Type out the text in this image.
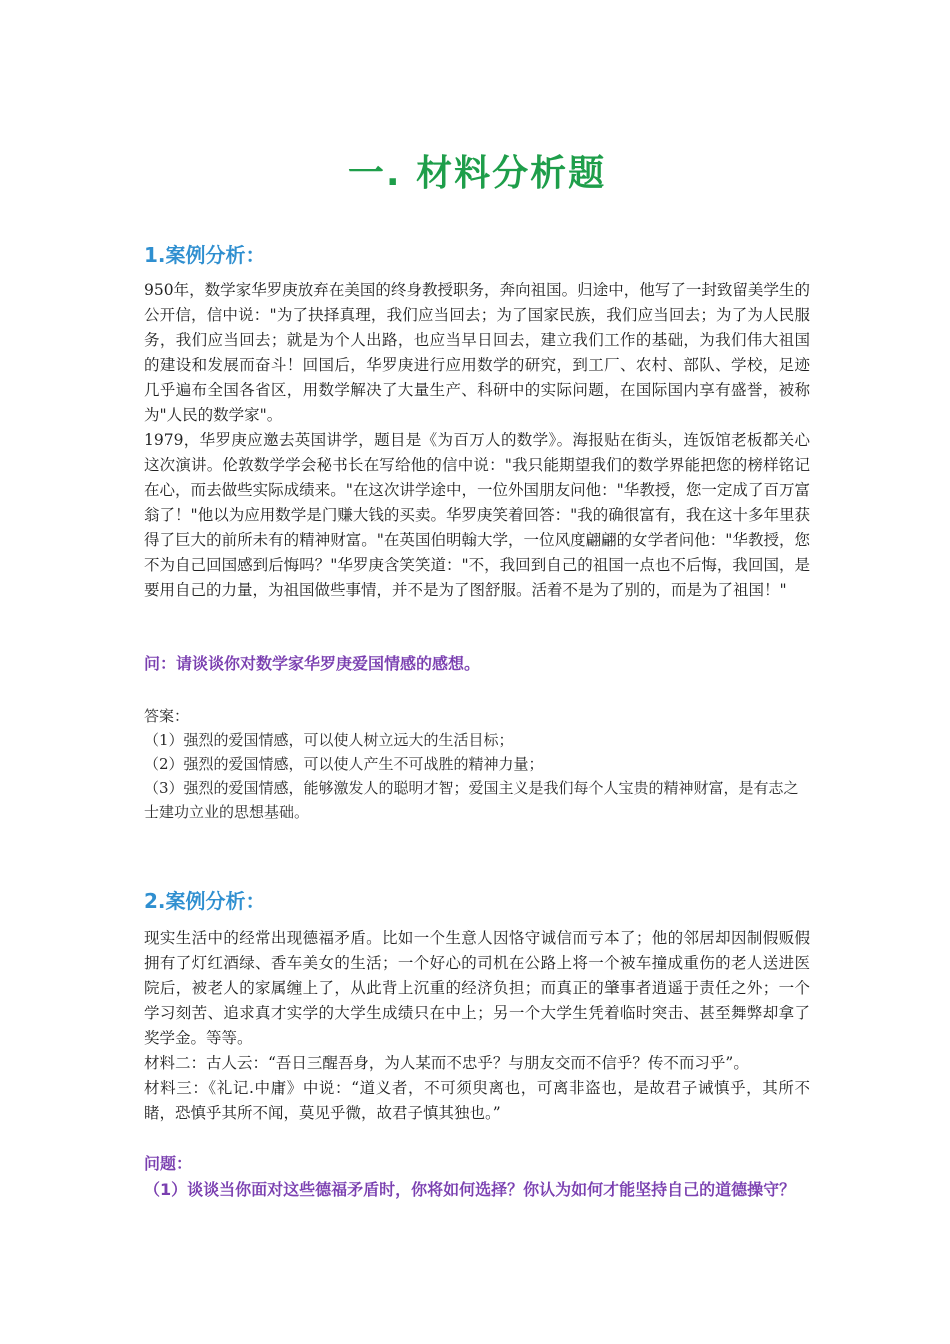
一. 材料分析题
1.案例分析：

950年，数学家华罗庚放弃在美国的终身教授职务，奔向祖国。归途中，他写了一封致留美学生的公开信，信中说："为了抉择真理，我们应当回去；为了国家民族，我们应当回去；为了为人民服务，我们应当回去；就是为个人出路，也应当早日回去，建立我们工作的基础，为我们伟大祖国的建设和发展而奋斗！回国后，华罗庚进行应用数学的研究，到工厂、农村、部队、学校，足迹几乎遍布全国各省区，用数学解决了大量生产、科研中的实际问题，在国际国内享有盛誉，被称为"人民的数学家"。

1979，华罗庚应邀去英国讲学，题目是《为百万人的数学》。海报贴在街头，连饭馆老板都关心这次演讲。伦敦数学学会秘书长在写给他的信中说："我只能期望我们的数学界能把您的榜样铭记在心，而去做些实际成绩来。"在这次讲学途中，一位外国朋友问他："华教授，您一定成了百万富翁了！"他以为应用数学是门赚大钱的买卖。华罗庚笑着回答："我的确很富有，我在这十多年里获得了巨大的前所未有的精神财富。"在英国伯明翰大学，一位风度翩翩的女学者问他："华教授，您不为自己回国感到后悔吗？"华罗庚含笑笑道："不，我回到自己的祖国一点也不后悔，我回国，是要用自己的力量，为祖国做些事情，并不是为了图舒服。活着不是为了别的，而是为了祖国！"

问：请谈谈你对数学家华罗庚爱国情感的感想。

答案：
（1）强烈的爱国情感，可以使人树立远大的生活目标；
（2）强烈的爱国情感，可以使人产生不可战胜的精神力量；
（3）强烈的爱国情感，能够激发人的聪明才智；爱国主义是我们每个人宝贵的精神财富，是有志之士建功立业的思想基础。
2.案例分析：

现实生活中的经常出现德福矛盾。比如一个生意人因恪守诚信而亏本了；他的邻居却因制假贩假拥有了灯红酒绿、香车美女的生活；一个好心的司机在公路上将一个被车撞成重伤的老人送进医院后，被老人的家属缠上了，从此背上沉重的经济负担；而真正的肇事者逍遥于责任之外；一个学习刻苦、追求真才实学的大学生成绩只在中上；另一个大学生凭着临时突击、甚至舞弊却拿了奖学金。等等。

材料二：古人云：“吾日三醒吾身，为人某而不忠乎？与朋友交而不信乎？传不而习乎”。

材料三：《礼记.中庸》中说：“道义者，不可须臾离也，可离非盗也，是故君子诫慎乎，其所不睹，恐慎乎其所不闻，莫见乎微，故君子慎其独也。”

问题：

（1）谈谈当你面对这些德福矛盾时，你将如何选择？你认为如何才能坚持自己的道德操守？
